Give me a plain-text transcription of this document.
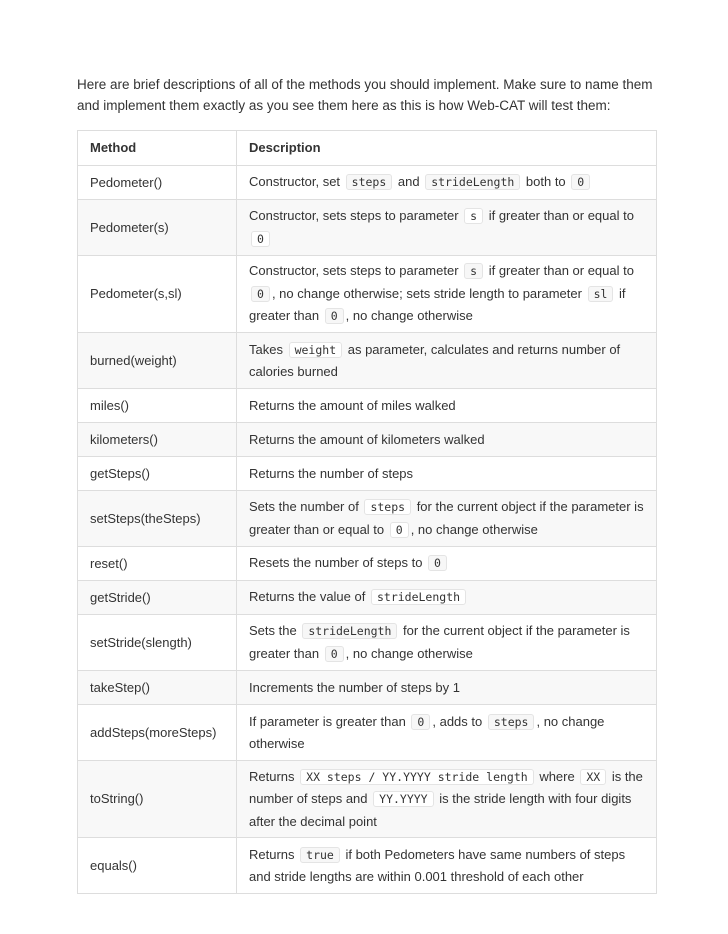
Here are brief descriptions of all of the methods you should implement. Make sure to name them and implement them exactly as you see them here as this is how Web-CAT will test them:

Method	Description
Pedometer()	Constructor, set steps and strideLength both to 0
Pedometer(s)	Constructor, sets steps to parameter s if greater than or equal to 0
Pedometer(s,sl)	Constructor, sets steps to parameter s if greater than or equal to 0 , no change otherwise; sets stride length to parameter sl if greater than 0 , no change otherwise
burned(weight)	Takes weight as parameter, calculates and returns number of calories burned
miles()	Returns the amount of miles walked
kilometers()	Returns the amount of kilometers walked
getSteps()	Returns the number of steps
setSteps(theSteps)	Sets the number of steps for the current object if the parameter is greater than or equal to 0 , no change otherwise
reset()	Resets the number of steps to 0
getStride()	Returns the value of strideLength
setStride(slength)	Sets the strideLength for the current object if the parameter is greater than 0 , no change otherwise
takeStep()	Increments the number of steps by 1
addSteps(moreSteps)	If parameter is greater than 0 , adds to steps , no change otherwise
toString()	Returns XX steps / YY.YYYY stride length where XX is the number of steps and YY.YYYY is the stride length with four digits after the decimal point
equals()	Returns true if both Pedometers have same numbers of steps and stride lengths are within 0.001 threshold of each other
